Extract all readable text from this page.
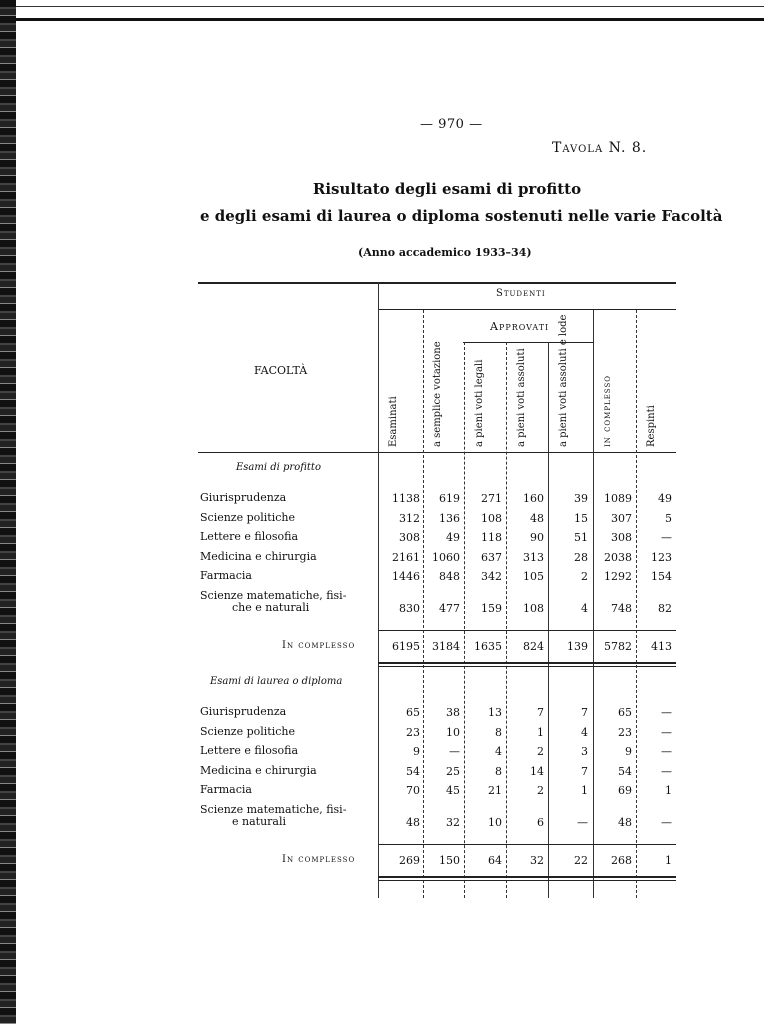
— 970 —
Tavola N. 8.
Risultato degli esami di profitto
e degli esami di laurea o diploma sostenuti nelle varie Facoltà
(Anno accademico 1933–34)
FACOLTÀ
Studenti
Approvati
Esaminati	a semplice votazione	a pieni voti legali	a pieni voti assoluti	a pieni voti assoluti e lode	in complesso	Respinti
Esami di profitto
Giurisprudenza	1138	619	271	160	39	1089	49
Scienze politiche	312	136	108	48	15	307	5
Lettere e filosofia	308	49	118	90	51	308	—
Medicina e chirurgia	2161	1060	637	313	28	2038	123
Farmacia	1446	848	342	105	2	1292	154
Scienze matematiche, fisi-
che e naturali	830	477	159	108	4	748	82
In complesso	6195	3184	1635	824	139	5782	413
Esami di laurea o diploma
Giurisprudenza	65	38	13	7	7	65	—
Scienze politiche	23	10	8	1	4	23	—
Lettere e filosofia	9	—	4	2	3	9	—
Medicina e chirurgia	54	25	8	14	7	54	—
Farmacia	70	45	21	2	1	69	1
Scienze matematiche, fisi-
e naturali	48	32	10	6	—	48	—
In complesso	269	150	64	32	22	268	1
